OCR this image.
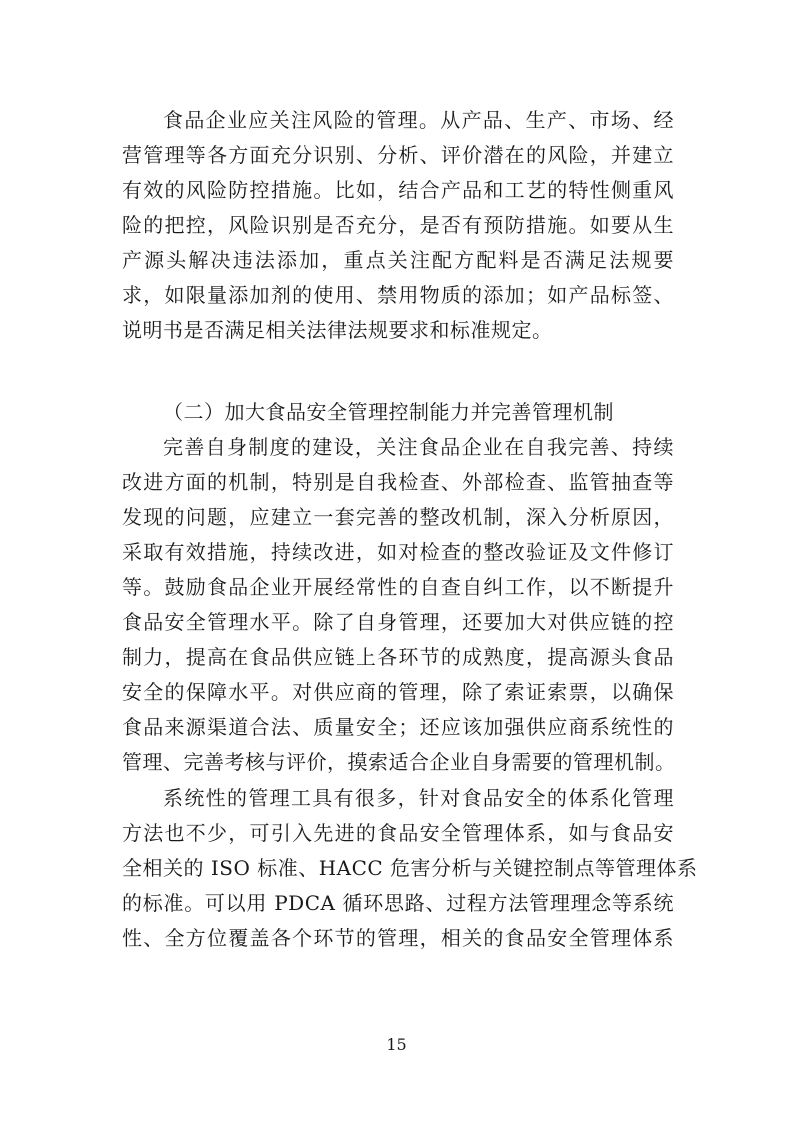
食品企业应关注风险的管理。从产品、生产、市场、经
营管理等各方面充分识别、分析、评价潜在的风险，并建立
有效的风险防控措施。比如，结合产品和工艺的特性侧重风
险的把控，风险识别是否充分，是否有预防措施。如要从生
产源头解决违法添加，重点关注配方配料是否满足法规要
求，如限量添加剂的使用、禁用物质的添加；如产品标签、
说明书是否满足相关法律法规要求和标准规定。
（二）加大食品安全管理控制能力并完善管理机制
完善自身制度的建设，关注食品企业在自我完善、持续
改进方面的机制，特别是自我检查、外部检查、监管抽查等
发现的问题，应建立一套完善的整改机制，深入分析原因，
采取有效措施，持续改进，如对检查的整改验证及文件修订
等。鼓励食品企业开展经常性的自查自纠工作，以不断提升
食品安全管理水平。除了自身管理，还要加大对供应链的控
制力，提高在食品供应链上各环节的成熟度，提高源头食品
安全的保障水平。对供应商的管理，除了索证索票，以确保
食品来源渠道合法、质量安全；还应该加强供应商系统性的
管理、完善考核与评价，摸索适合企业自身需要的管理机制。
系统性的管理工具有很多，针对食品安全的体系化管理
方法也不少，可引入先进的食品安全管理体系，如与食品安
全相关的 ISO 标准、HACC 危害分析与关键控制点等管理体系
的标准。可以用 PDCA 循环思路、过程方法管理理念等系统
性、全方位覆盖各个环节的管理，相关的食品安全管理体系
15
